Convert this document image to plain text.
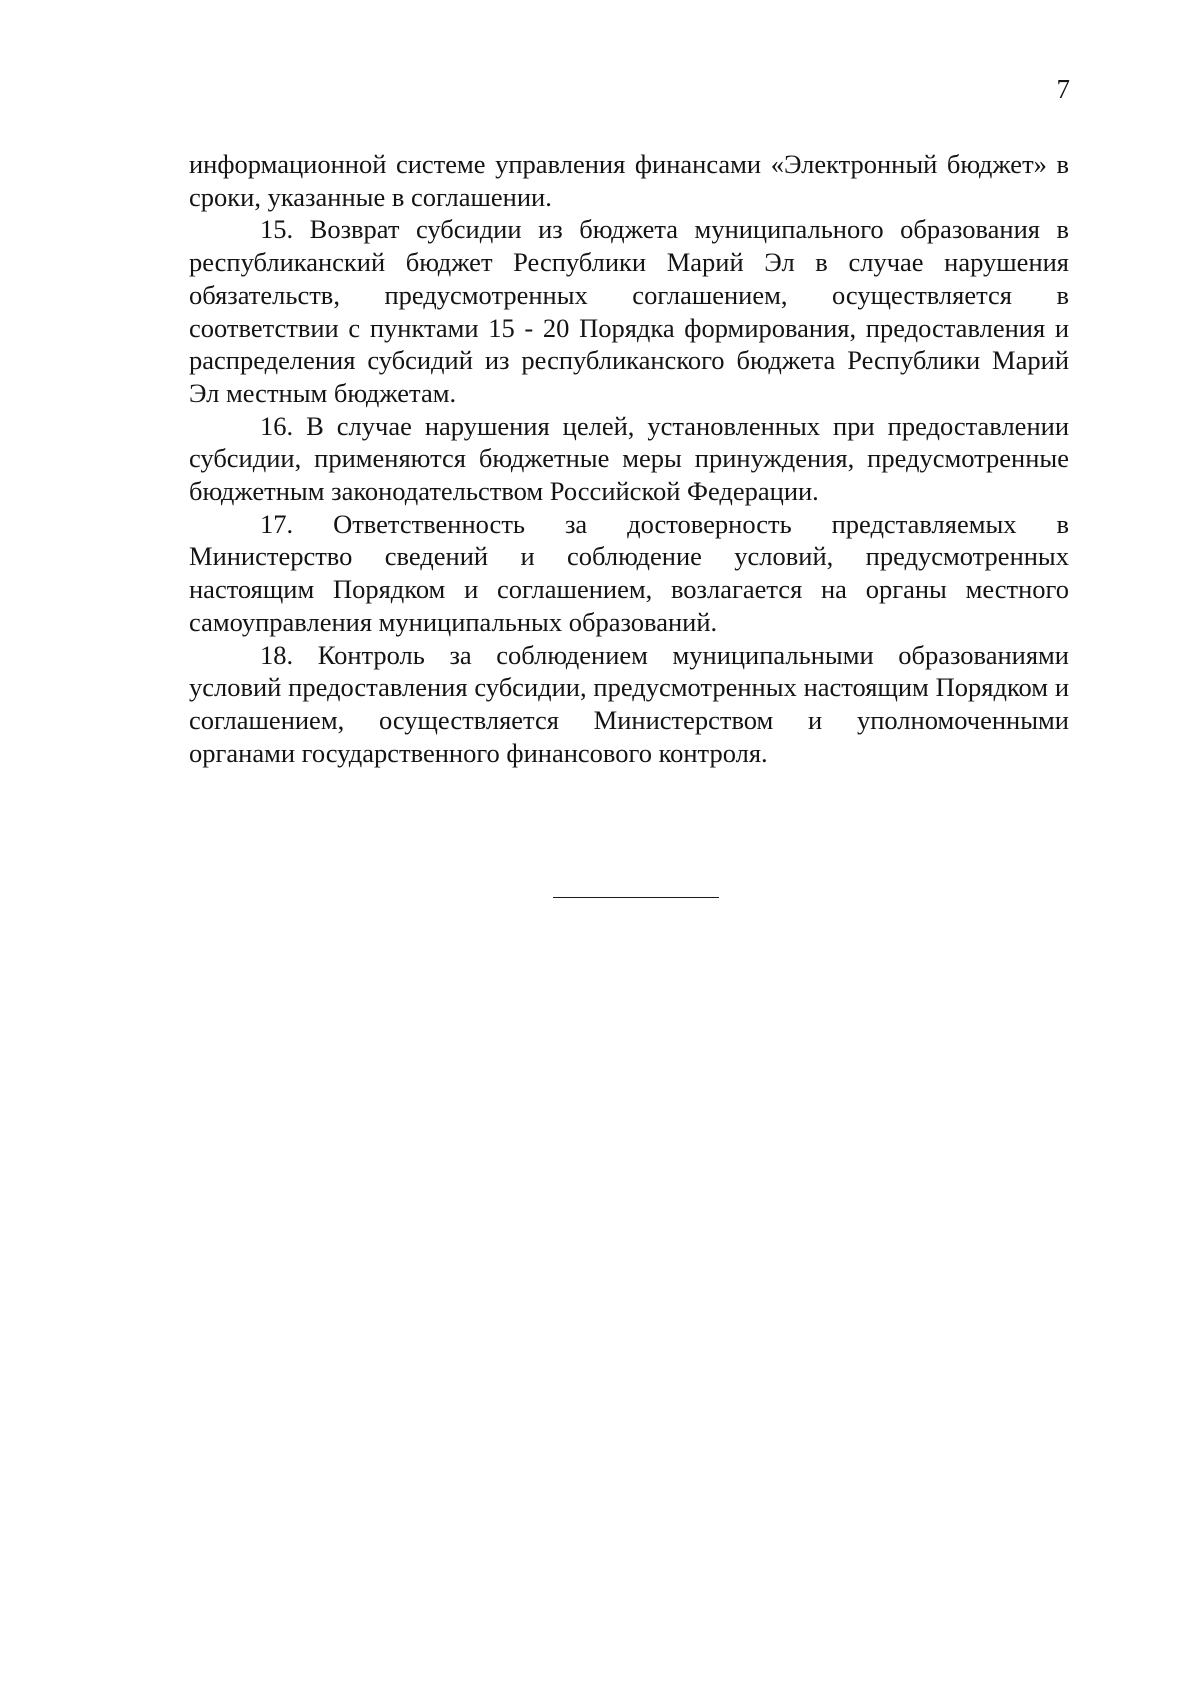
7

информационной системе управления финансами «Электронный бюджет» в сроки, указанные в соглашении.

15. Возврат субсидии из бюджета муниципального образования в республиканский бюджет Республики Марий Эл в случае нарушения обязательств, предусмотренных соглашением, осуществляется в соответствии с пунктами 15 - 20 Порядка формирования, предоставления и распределения субсидий из республиканского бюджета Республики Марий Эл местным бюджетам.

16. В случае нарушения целей, установленных при предоставлении субсидии, применяются бюджетные меры принуждения, предусмотренные бюджетным законодательством Российской Федерации.

17. Ответственность за достоверность представляемых в Министерство сведений и соблюдение условий, предусмотренных настоящим Порядком и соглашением, возлагается на органы местного самоуправления муниципальных образований.

18. Контроль за соблюдением муниципальными образованиями условий предоставления субсидии, предусмотренных настоящим Порядком и соглашением, осуществляется Министерством и уполномоченными органами государственного финансового контроля.
